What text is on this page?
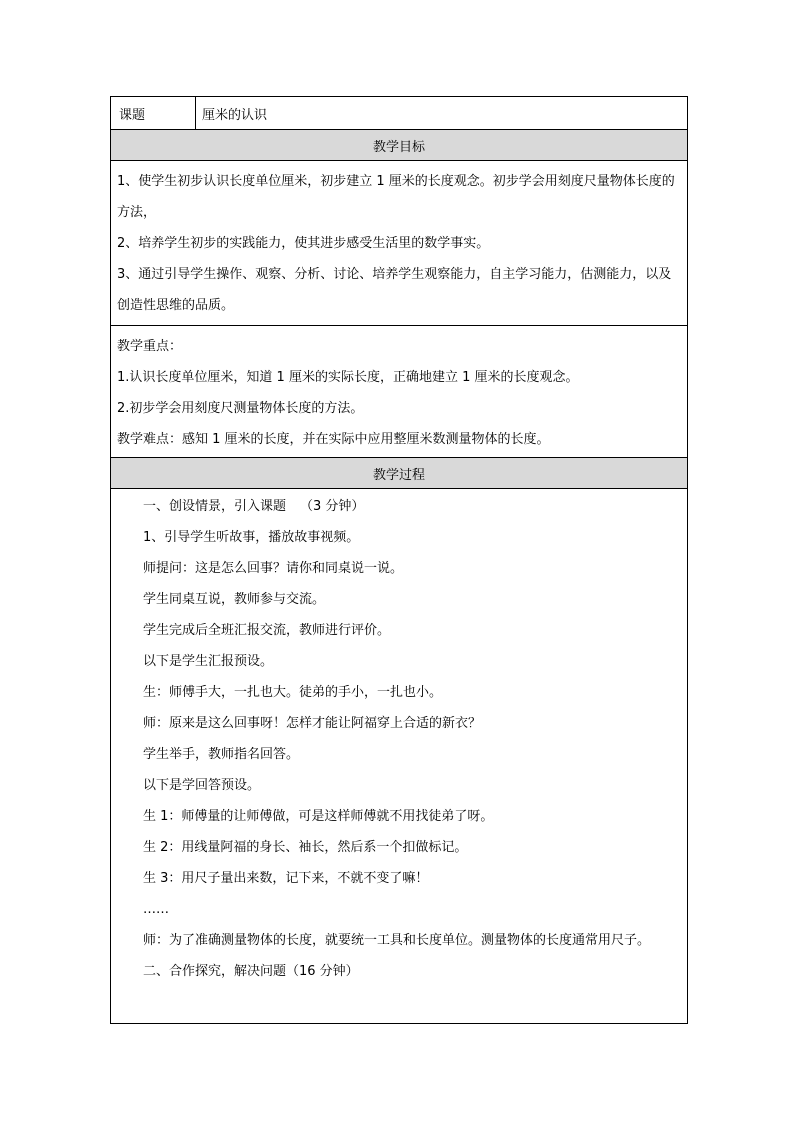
课题	厘米的认识
教学目标

1、使学生初步认识长度单位厘米，初步建立 1 厘米的长度观念。初步学会用刻度尺量物体长度的方法，
2、培养学生初步的实践能力，使其进步感受生活里的数学事实。
3、通过引导学生操作、观察、分析、讨论、培养学生观察能力，自主学习能力，估测能力，以及创造性思维的品质。

教学重点：
1.认识长度单位厘米，知道 1 厘米的实际长度，正确地建立 1 厘米的长度观念。
2.初步学会用刻度尺测量物体长度的方法。
教学难点：感知 1 厘米的长度，并在实际中应用整厘米数测量物体的长度。

教学过程

一、创设情景，引入课题 （3 分钟）
1、引导学生听故事，播放故事视频。
师提问：这是怎么回事？请你和同桌说一说。
学生同桌互说，教师参与交流。
学生完成后全班汇报交流，教师进行评价。
以下是学生汇报预设。
生：师傅手大，一扎也大。徒弟的手小，一扎也小。
师：原来是这么回事呀！怎样才能让阿福穿上合适的新衣？
学生举手，教师指名回答。
以下是学回答预设。
生 1：师傅量的让师傅做，可是这样师傅就不用找徒弟了呀。
生 2：用线量阿福的身长、袖长，然后系一个扣做标记。
生 3：用尺子量出来数，记下来，不就不变了嘛！
……
师：为了准确测量物体的长度，就要统一工具和长度单位。测量物体的长度通常用尺子。
二、合作探究，解决问题（16 分钟）
